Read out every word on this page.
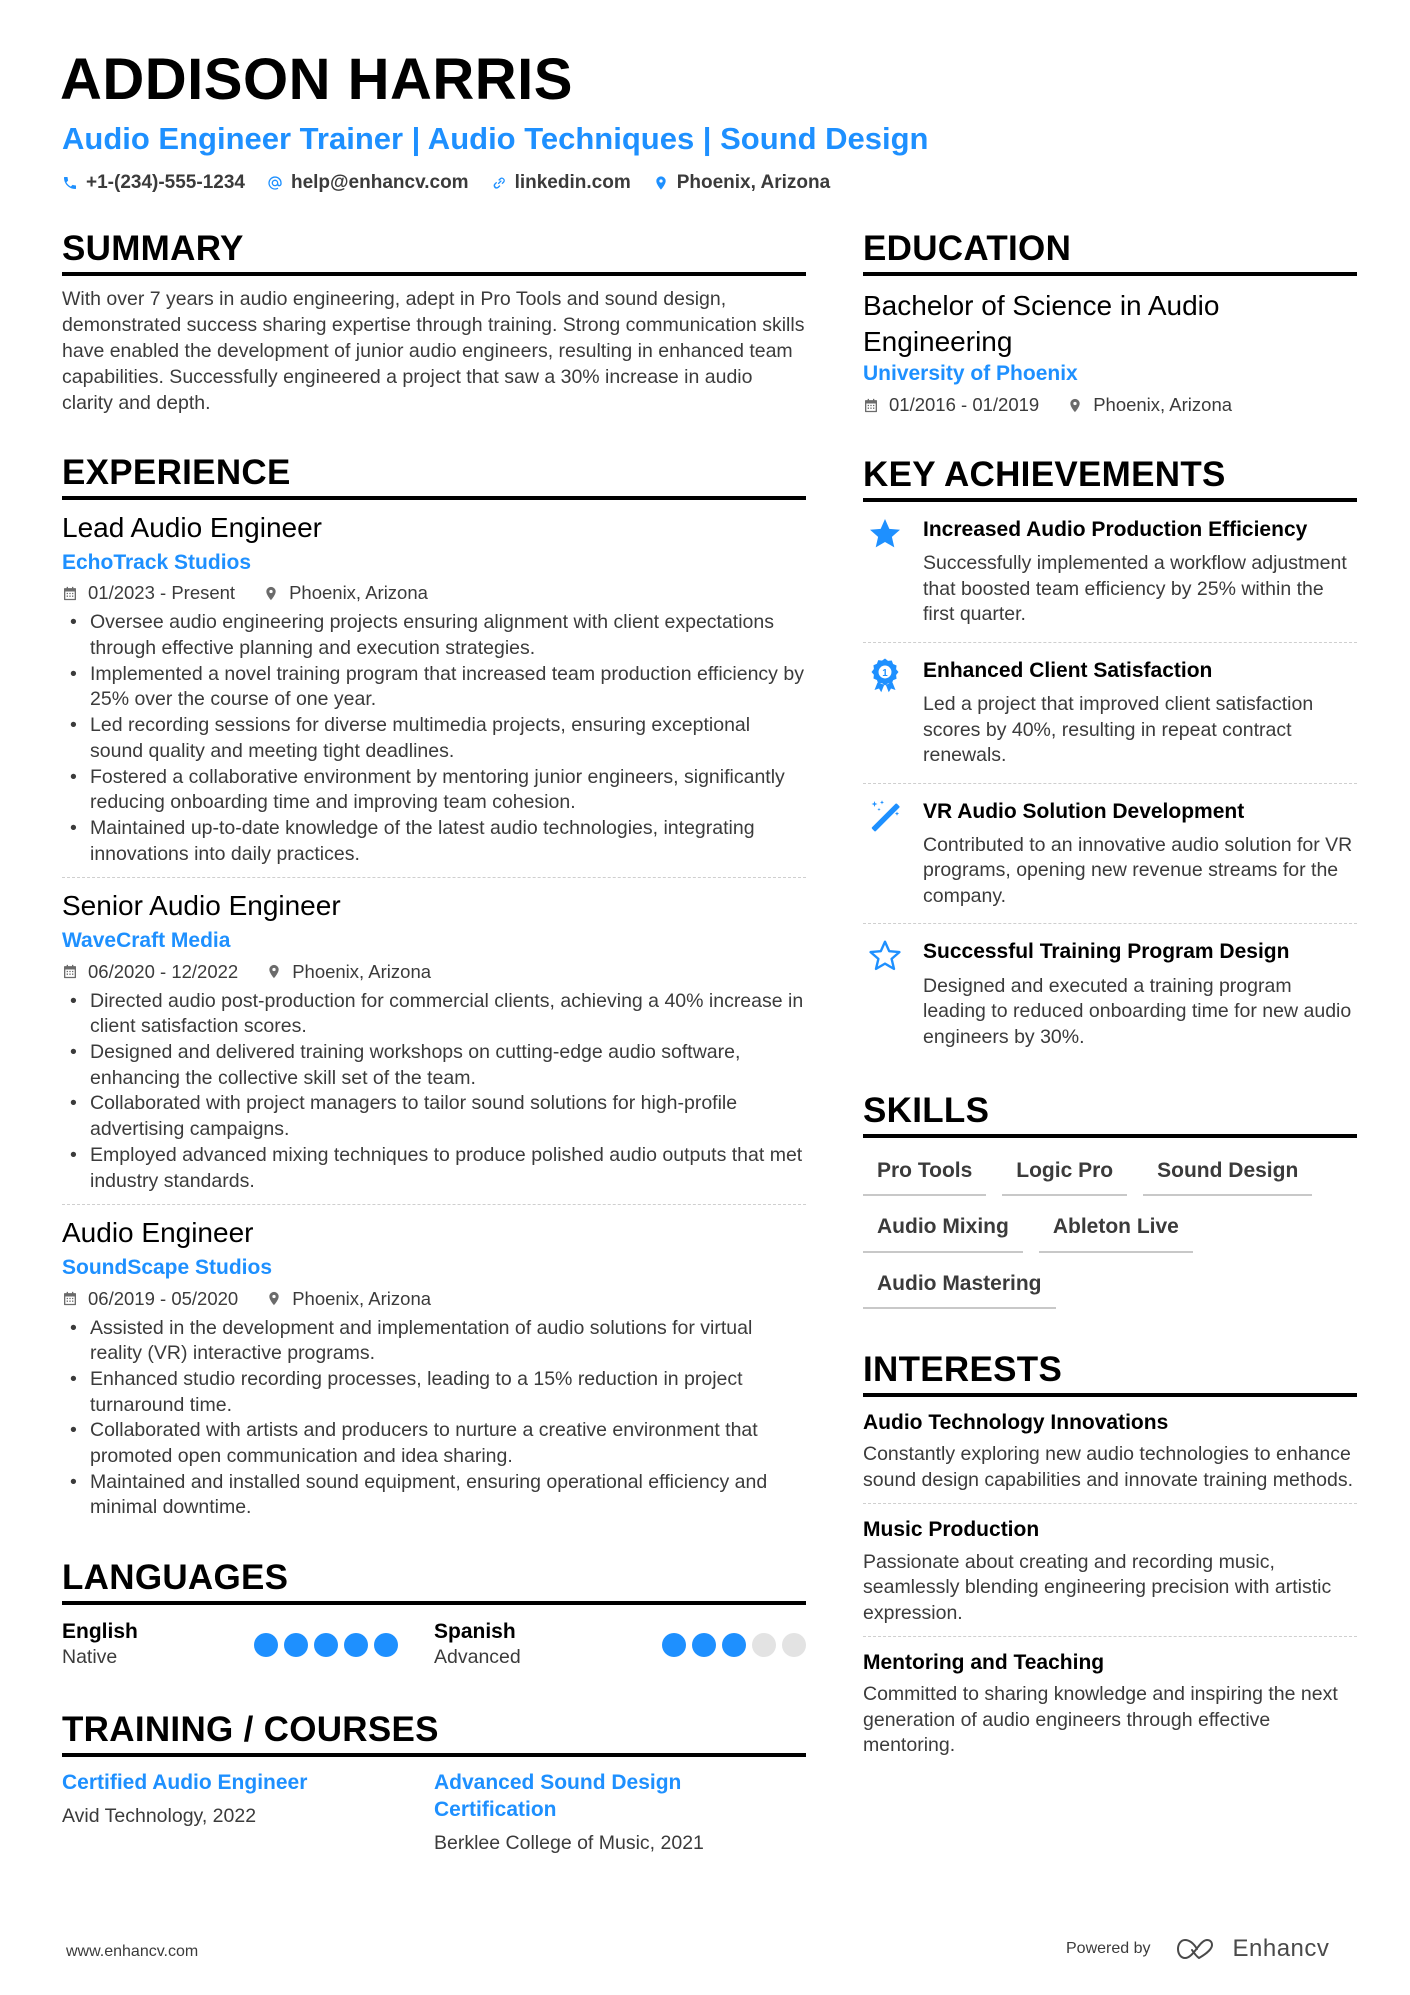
ADDISON HARRIS
Audio Engineer Trainer | Audio Techniques | Sound Design
+1-(234)-555-1234 help@enhancv.com linkedin.com Phoenix, Arizona
SUMMARY

With over 7 years in audio engineering, adept in Pro Tools and sound design, demonstrated success sharing expertise through training. Strong communication skills have enabled the development of junior audio engineers, resulting in enhanced team capabilities. Successfully engineered a project that saw a 30% increase in audio clarity and depth.

EXPERIENCE
Lead Audio Engineer
EchoTrack Studios
01/2023 - Present	Phoenix, Arizona
• Oversee audio engineering projects ensuring alignment with client expectations through effective planning and execution strategies.
• Implemented a novel training program that increased team production efficiency by 25% over the course of one year.
• Led recording sessions for diverse multimedia projects, ensuring exceptional sound quality and meeting tight deadlines.
• Fostered a collaborative environment by mentoring junior engineers, significantly reducing onboarding time and improving team cohesion.
• Maintained up-to-date knowledge of the latest audio technologies, integrating innovations into daily practices.
Senior Audio Engineer
WaveCraft Media
06/2020 - 12/2022	Phoenix, Arizona
• Directed audio post-production for commercial clients, achieving a 40% increase in client satisfaction scores.
• Designed and delivered training workshops on cutting-edge audio software, enhancing the collective skill set of the team.
• Collaborated with project managers to tailor sound solutions for high-profile advertising campaigns.
• Employed advanced mixing techniques to produce polished audio outputs that met industry standards.
Audio Engineer
SoundScape Studios
06/2019 - 05/2020	Phoenix, Arizona
• Assisted in the development and implementation of audio solutions for virtual reality (VR) interactive programs.
• Enhanced studio recording processes, leading to a 15% reduction in project turnaround time.
• Collaborated with artists and producers to nurture a creative environment that promoted open communication and idea sharing.
• Maintained and installed sound equipment, ensuring operational efficiency and minimal downtime.
LANGUAGES
English
Native
Spanish
Advanced
TRAINING / COURSES
Certified Audio Engineer
Avid Technology, 2022
Advanced Sound Design Certification
Berklee College of Music, 2021
EDUCATION
Bachelor of Science in Audio Engineering
University of Phoenix
01/2016 - 01/2019	Phoenix, Arizona
KEY ACHIEVEMENTS
Increased Audio Production Efficiency
Successfully implemented a workflow adjustment that boosted team efficiency by 25% within the first quarter.
1 Enhanced Client Satisfaction
Led a project that improved client satisfaction scores by 40%, resulting in repeat contract renewals.
VR Audio Solution Development
Contributed to an innovative audio solution for VR programs, opening new revenue streams for the company.
Successful Training Program Design
Designed and executed a training program leading to reduced onboarding time for new audio engineers by 30%.
SKILLS
Pro Tools	Logic Pro	Sound Design
Audio Mixing	Ableton Live
Audio Mastering
INTERESTS
Audio Technology Innovations
Constantly exploring new audio technologies to enhance sound design capabilities and innovate training methods.
Music Production
Passionate about creating and recording music, seamlessly blending engineering precision with artistic expression.
Mentoring and Teaching
Committed to sharing knowledge and inspiring the next generation of audio engineers through effective mentoring.
www.enhancv.com	Powered by	Enhancv
